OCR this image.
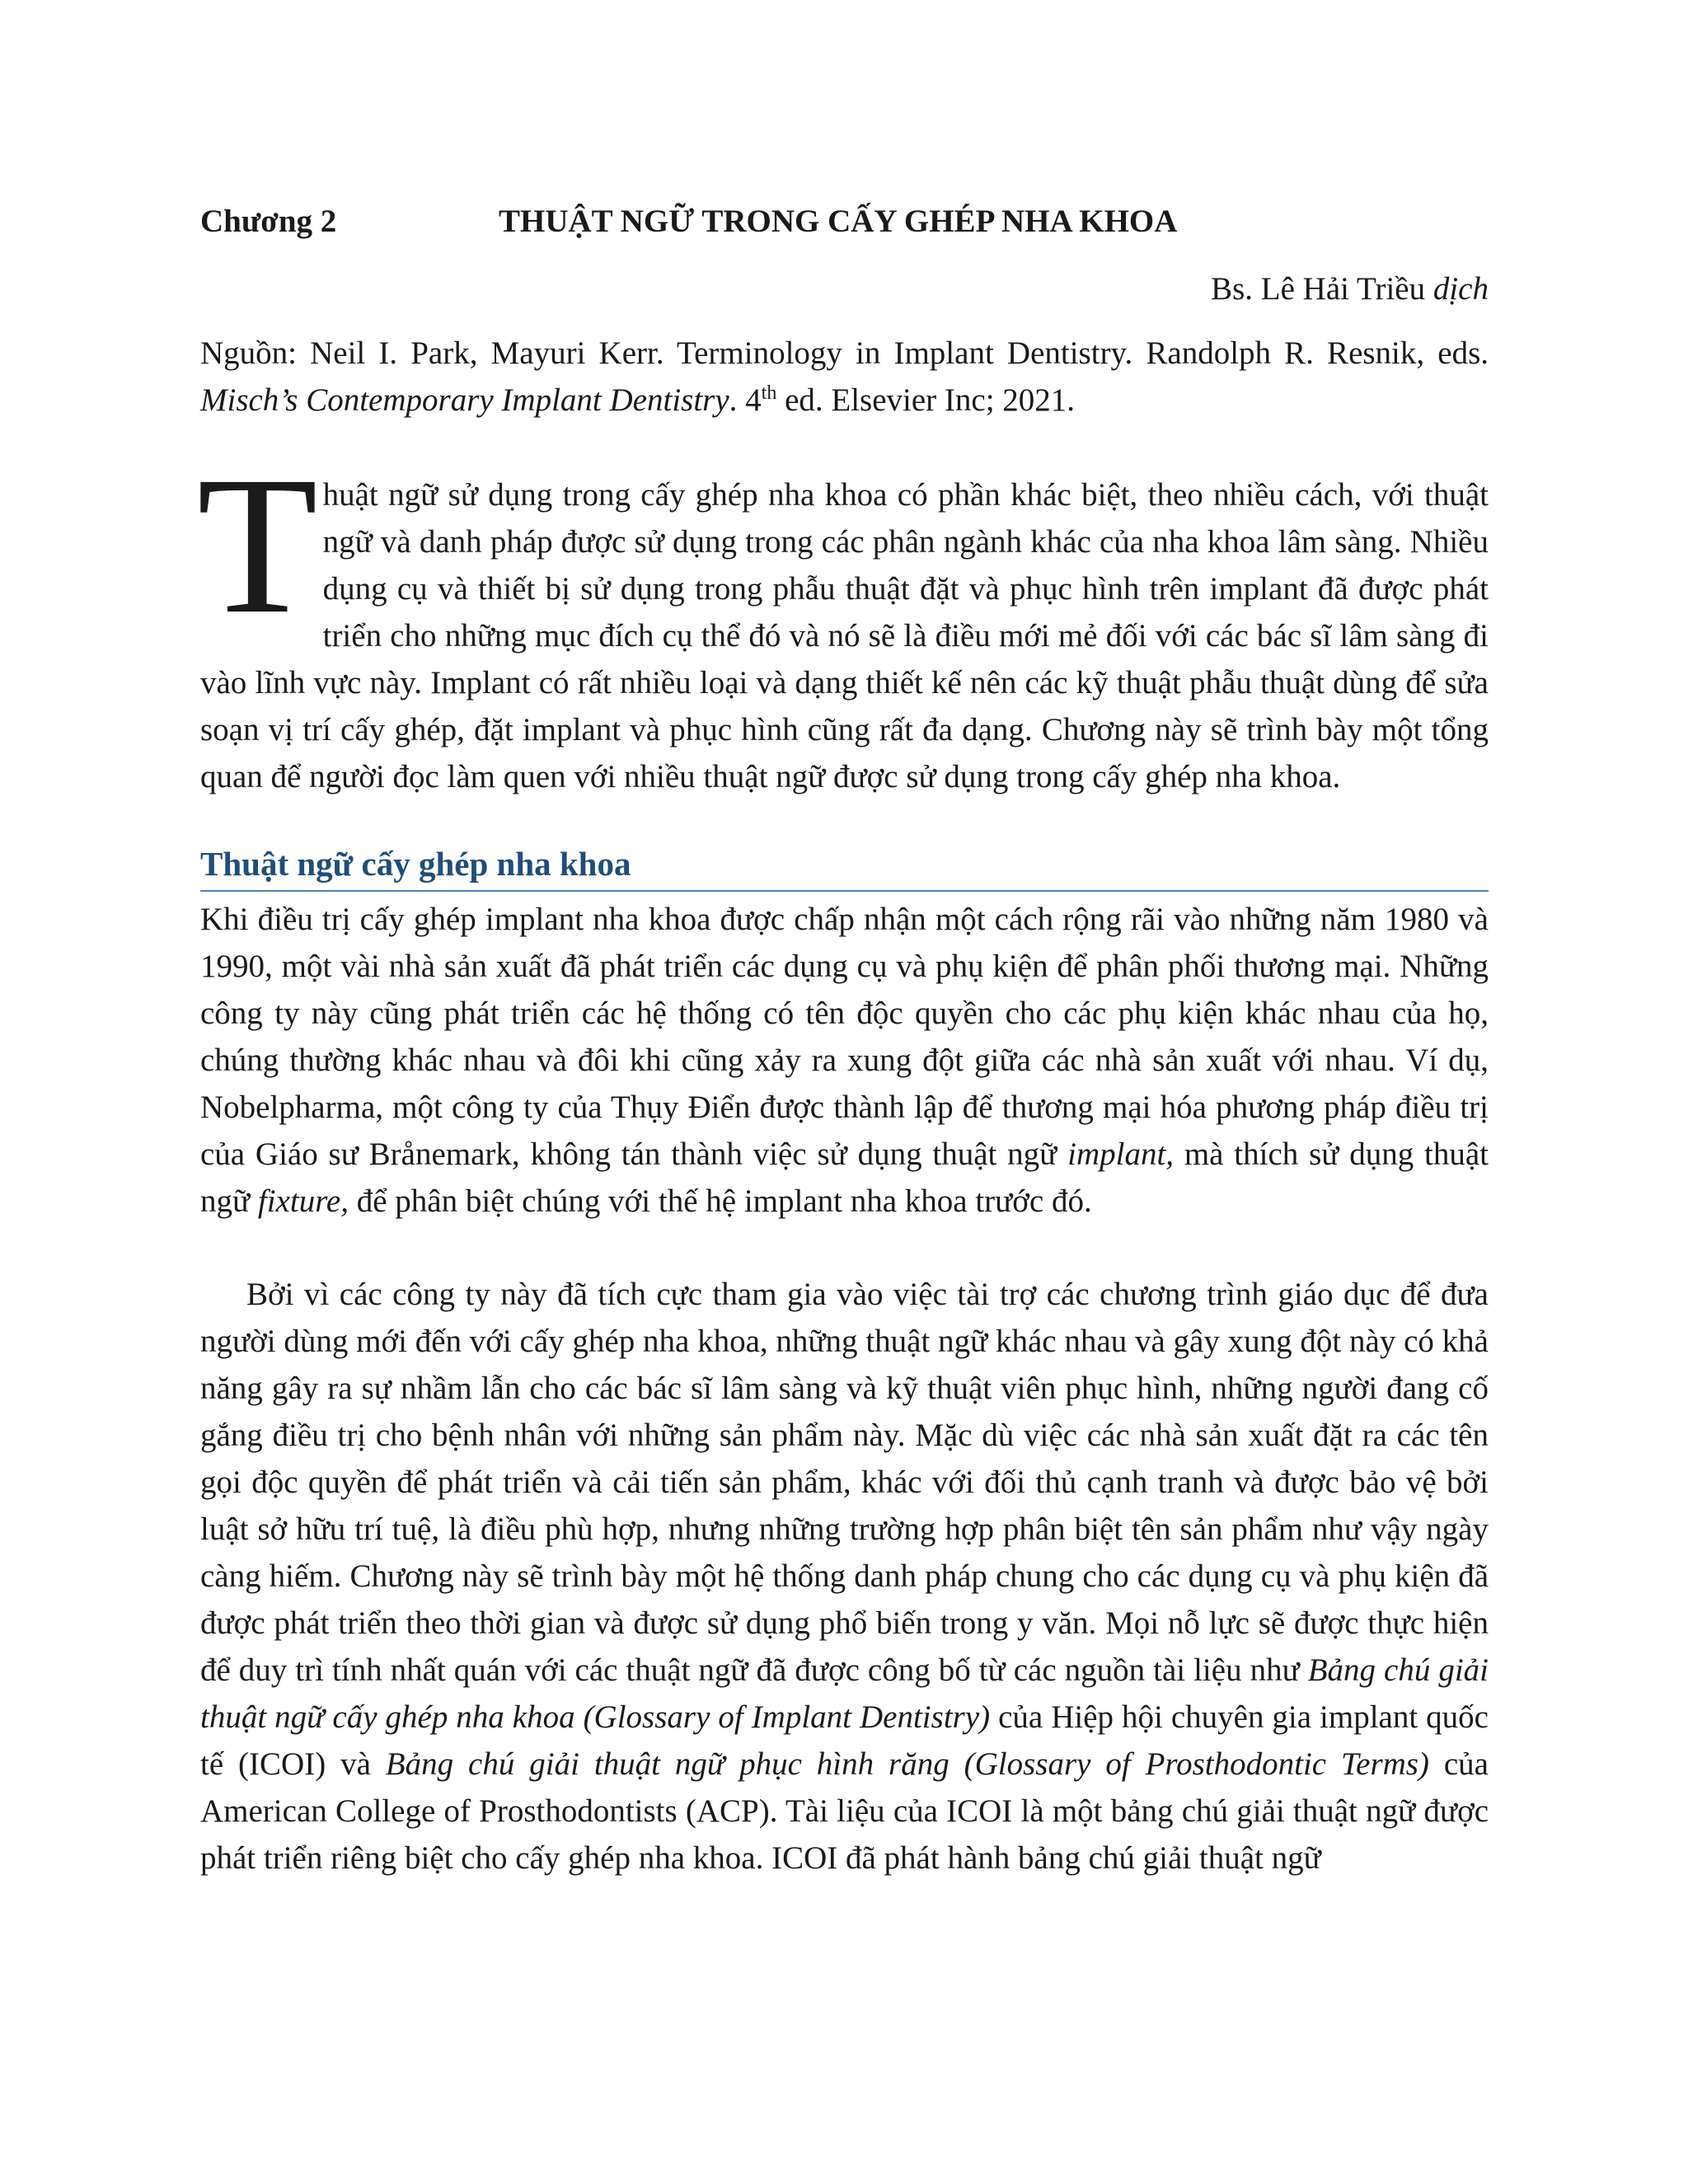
Chương 2	THUẬT NGỮ TRONG CẤY GHÉP NHA KHOA
Bs. Lê Hải Triều dịch
Nguồn: Neil I. Park, Mayuri Kerr. Terminology in Implant Dentistry. Randolph R. Resnik, eds. Misch’s Contemporary Implant Dentistry. 4th ed. Elsevier Inc; 2021.
Thuật ngữ sử dụng trong cấy ghép nha khoa có phần khác biệt, theo nhiều cách, với thuật ngữ và danh pháp được sử dụng trong các phân ngành khác của nha khoa lâm sàng. Nhiều dụng cụ và thiết bị sử dụng trong phẫu thuật đặt và phục hình trên implant đã được phát triển cho những mục đích cụ thể đó và nó sẽ là điều mới mẻ đối với các bác sĩ lâm sàng đi vào lĩnh vực này. Implant có rất nhiều loại và dạng thiết kế nên các kỹ thuật phẫu thuật dùng để sửa soạn vị trí cấy ghép, đặt implant và phục hình cũng rất đa dạng. Chương này sẽ trình bày một tổng quan để người đọc làm quen với nhiều thuật ngữ được sử dụng trong cấy ghép nha khoa.
Thuật ngữ cấy ghép nha khoa

Khi điều trị cấy ghép implant nha khoa được chấp nhận một cách rộng rãi vào những năm 1980 và 1990, một vài nhà sản xuất đã phát triển các dụng cụ và phụ kiện để phân phối thương mại. Những công ty này cũng phát triển các hệ thống có tên độc quyền cho các phụ kiện khác nhau của họ, chúng thường khác nhau và đôi khi cũng xảy ra xung đột giữa các nhà sản xuất với nhau. Ví dụ, Nobelpharma, một công ty của Thụy Điển được thành lập để thương mại hóa phương pháp điều trị của Giáo sư Brånemark, không tán thành việc sử dụng thuật ngữ implant, mà thích sử dụng thuật ngữ fixture, để phân biệt chúng với thế hệ implant nha khoa trước đó.

Bởi vì các công ty này đã tích cực tham gia vào việc tài trợ các chương trình giáo dục để đưa người dùng mới đến với cấy ghép nha khoa, những thuật ngữ khác nhau và gây xung đột này có khả năng gây ra sự nhầm lẫn cho các bác sĩ lâm sàng và kỹ thuật viên phục hình, những người đang cố gắng điều trị cho bệnh nhân với những sản phẩm này. Mặc dù việc các nhà sản xuất đặt ra các tên gọi độc quyền để phát triển và cải tiến sản phẩm, khác với đối thủ cạnh tranh và được bảo vệ bởi luật sở hữu trí tuệ, là điều phù hợp, nhưng những trường hợp phân biệt tên sản phẩm như vậy ngày càng hiếm. Chương này sẽ trình bày một hệ thống danh pháp chung cho các dụng cụ và phụ kiện đã được phát triển theo thời gian và được sử dụng phổ biến trong y văn. Mọi nỗ lực sẽ được thực hiện để duy trì tính nhất quán với các thuật ngữ đã được công bố từ các nguồn tài liệu như Bảng chú giải thuật ngữ cấy ghép nha khoa (Glossary of Implant Dentistry) của Hiệp hội chuyên gia implant quốc tế (ICOI) và Bảng chú giải thuật ngữ phục hình răng (Glossary of Prosthodontic Terms) của American College of Prosthodontists (ACP). Tài liệu của ICOI là một bảng chú giải thuật ngữ được phát triển riêng biệt cho cấy ghép nha khoa. ICOI đã phát hành bảng chú giải thuật ngữ
